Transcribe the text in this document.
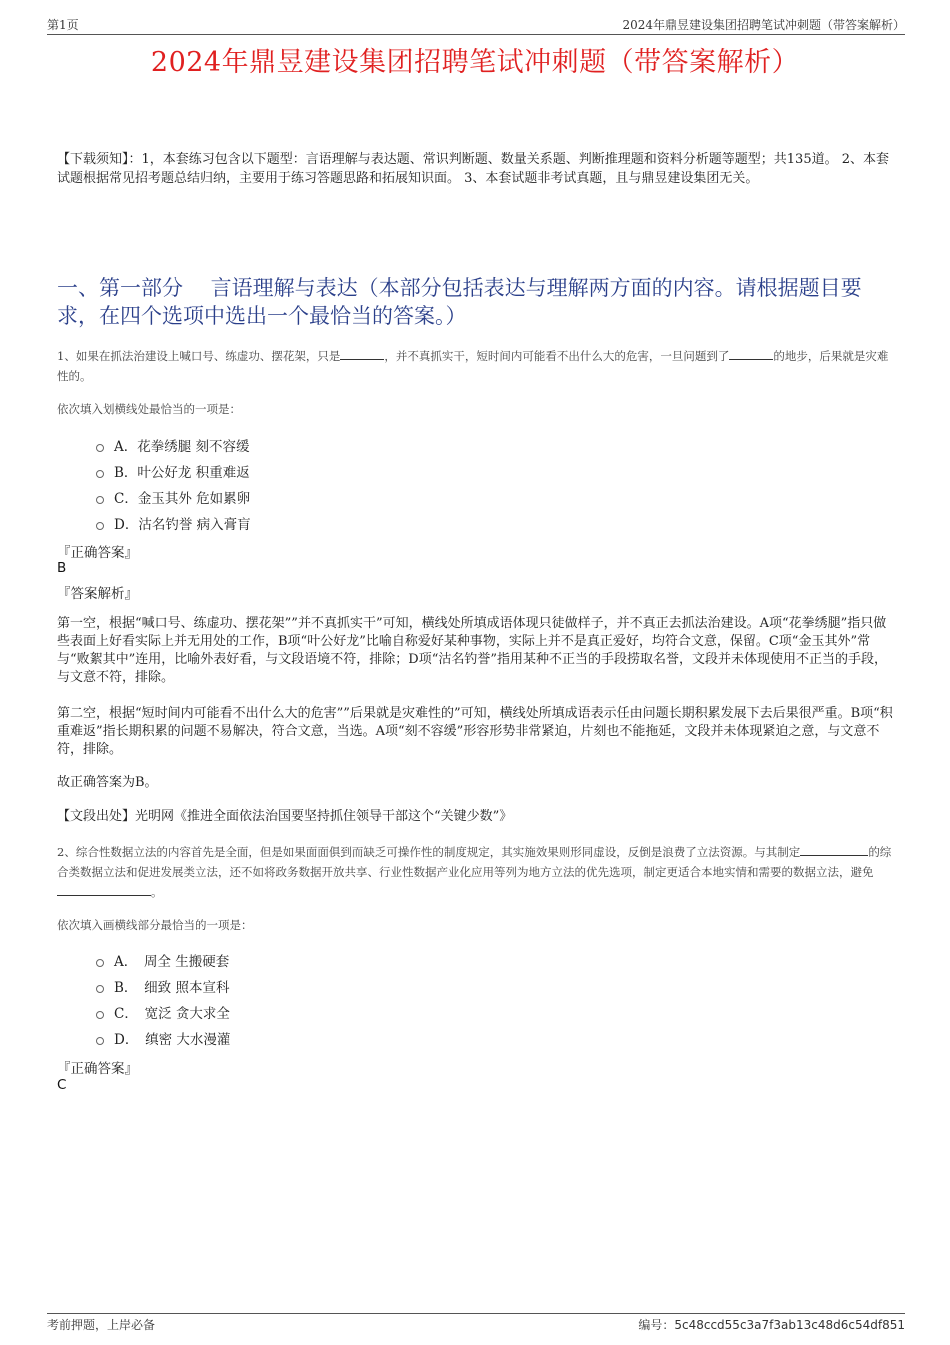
第1页	2024年鼎昱建设集团招聘笔试冲刺题（带答案解析）
2024年鼎昱建设集团招聘笔试冲刺题（带答案解析）
【下载须知】：1，本套练习包含以下题型：言语理解与表达题、常识判断题、数量关系题、判断推理题和资料分析题等题型；共135道。 2、本套试题根据常见招考题总结归纳，主要用于练习答题思路和拓展知识面。 3、本套试题非考试真题，且与鼎昱建设集团无关。
一、第一部分　 言语理解与表达（本部分包括表达与理解两方面的内容。请根据题目要求，在四个选项中选出一个最恰当的答案。）
1、如果在抓法治建设上喊口号、练虚功、摆花架，只是	，并不真抓实干，短时间内可能看不出什么大的危害，一旦问题到了	的地步，后果就是灾难性的。
依次填入划横线处最恰当的一项是：
A．花拳绣腿 刻不容缓
B．叶公好龙 积重难返
C．金玉其外 危如累卵
D．沽名钓誉 病入膏肓
『正确答案』
B
『答案解析』
第一空，根据“喊口号、练虚功、摆花架””并不真抓实干”可知，横线处所填成语体现只徒做样子，并不真正去抓法治建设。A项“花拳绣腿”指只做些表面上好看实际上并无用处的工作，B项“叶公好龙”比喻自称爱好某种事物，实际上并不是真正爱好，均符合文意，保留。C项“金玉其外”常与“败絮其中”连用，比喻外表好看，与文段语境不符，排除；D项“沽名钓誉”指用某种不正当的手段捞取名誉，文段并未体现使用不正当的手段，与文意不符，排除。
第二空，根据“短时间内可能看不出什么大的危害””后果就是灾难性的”可知，横线处所填成语表示任由问题长期积累发展下去后果很严重。B项“积重难返”指长期积累的问题不易解决，符合文意，当选。A项“刻不容缓”形容形势非常紧迫，片刻也不能拖延，文段并未体现紧迫之意，与文意不符，排除。
故正确答案为B。
【文段出处】光明网《推进全面依法治国要坚持抓住领导干部这个“关键少数”》
2、综合性数据立法的内容首先是全面，但是如果面面俱到而缺乏可操作性的制度规定，其实施效果则形同虚设，反倒是浪费了立法资源。与其制定	的综合类数据立法和促进发展类立法，还不如将政务数据开放共享、行业性数据产业化应用等列为地方立法的优先选项，制定更适合本地实情和需要的数据立法，避免。
依次填入画横线部分最恰当的一项是：
A．　周全 生搬硬套
B．　细致 照本宣科
C．　宽泛 贪大求全
D．　缜密 大水漫灌
『正确答案』
C
考前押题，上岸必备	编号：5c48ccd55c3a7f3ab13c48d6c54df851
